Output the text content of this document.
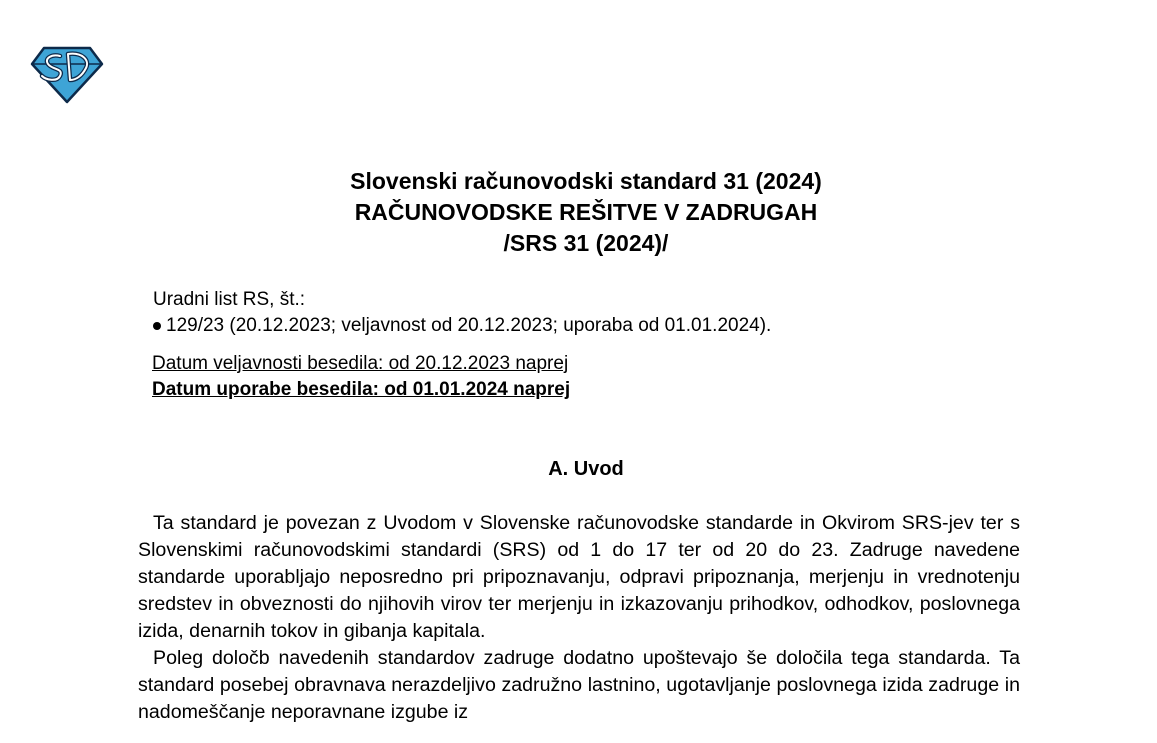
Slovenski računovodski standard 31 (2024)
RAČUNOVODSKE REŠITVE V ZADRUGAH
/SRS 31 (2024)/
Uradni list RS, št.:
129/23 (20.12.2023; veljavnost od 20.12.2023; uporaba od 01.01.2024).
Datum veljavnosti besedila: od 20.12.2023 naprej
Datum uporabe besedila: od 01.01.2024 naprej
A. Uvod

Ta standard je povezan z Uvodom v Slovenske računovodske standarde in Okvirom SRS-jev ter s Slovenskimi računovodskimi standardi (SRS) od 1 do 17 ter od 20 do 23. Zadruge navedene standarde uporabljajo neposredno pri pripoznavanju, odpravi pripoznanja, merjenju in vrednotenju sredstev in obveznosti do njihovih virov ter merjenju in izkazovanju prihodkov, odhodkov, poslovnega izida, denarnih tokov in gibanja kapitala.

Poleg določb navedenih standardov zadruge dodatno upoštevajo še določila tega standarda. Ta standard posebej obravnava nerazdeljivo zadružno lastnino, ugotavljanje poslovnega izida zadruge in nadomeščanje neporavnane izgube iz
